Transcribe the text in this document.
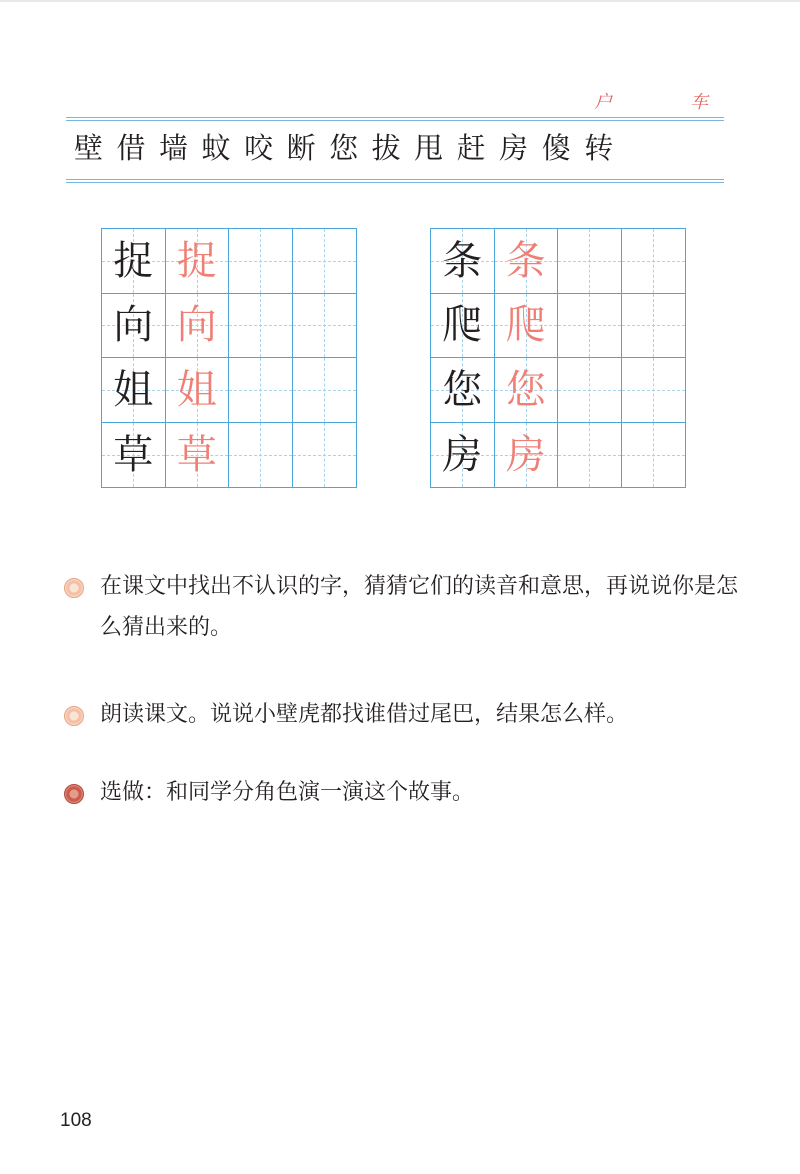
户	车
壁 借 墙 蚊 咬 断 您 拔 甩 赶 房 傻 转
捉 捉
向 向
姐 姐
草 草
条 条
爬 爬
您 您
房 房
在课文中找出不认识的字，猜猜它们的读音和意思，再说说你是怎么猜出来的。
朗读课文。说说小壁虎都找谁借过尾巴，结果怎么样。
选做：和同学分角色演一演这个故事。
108
